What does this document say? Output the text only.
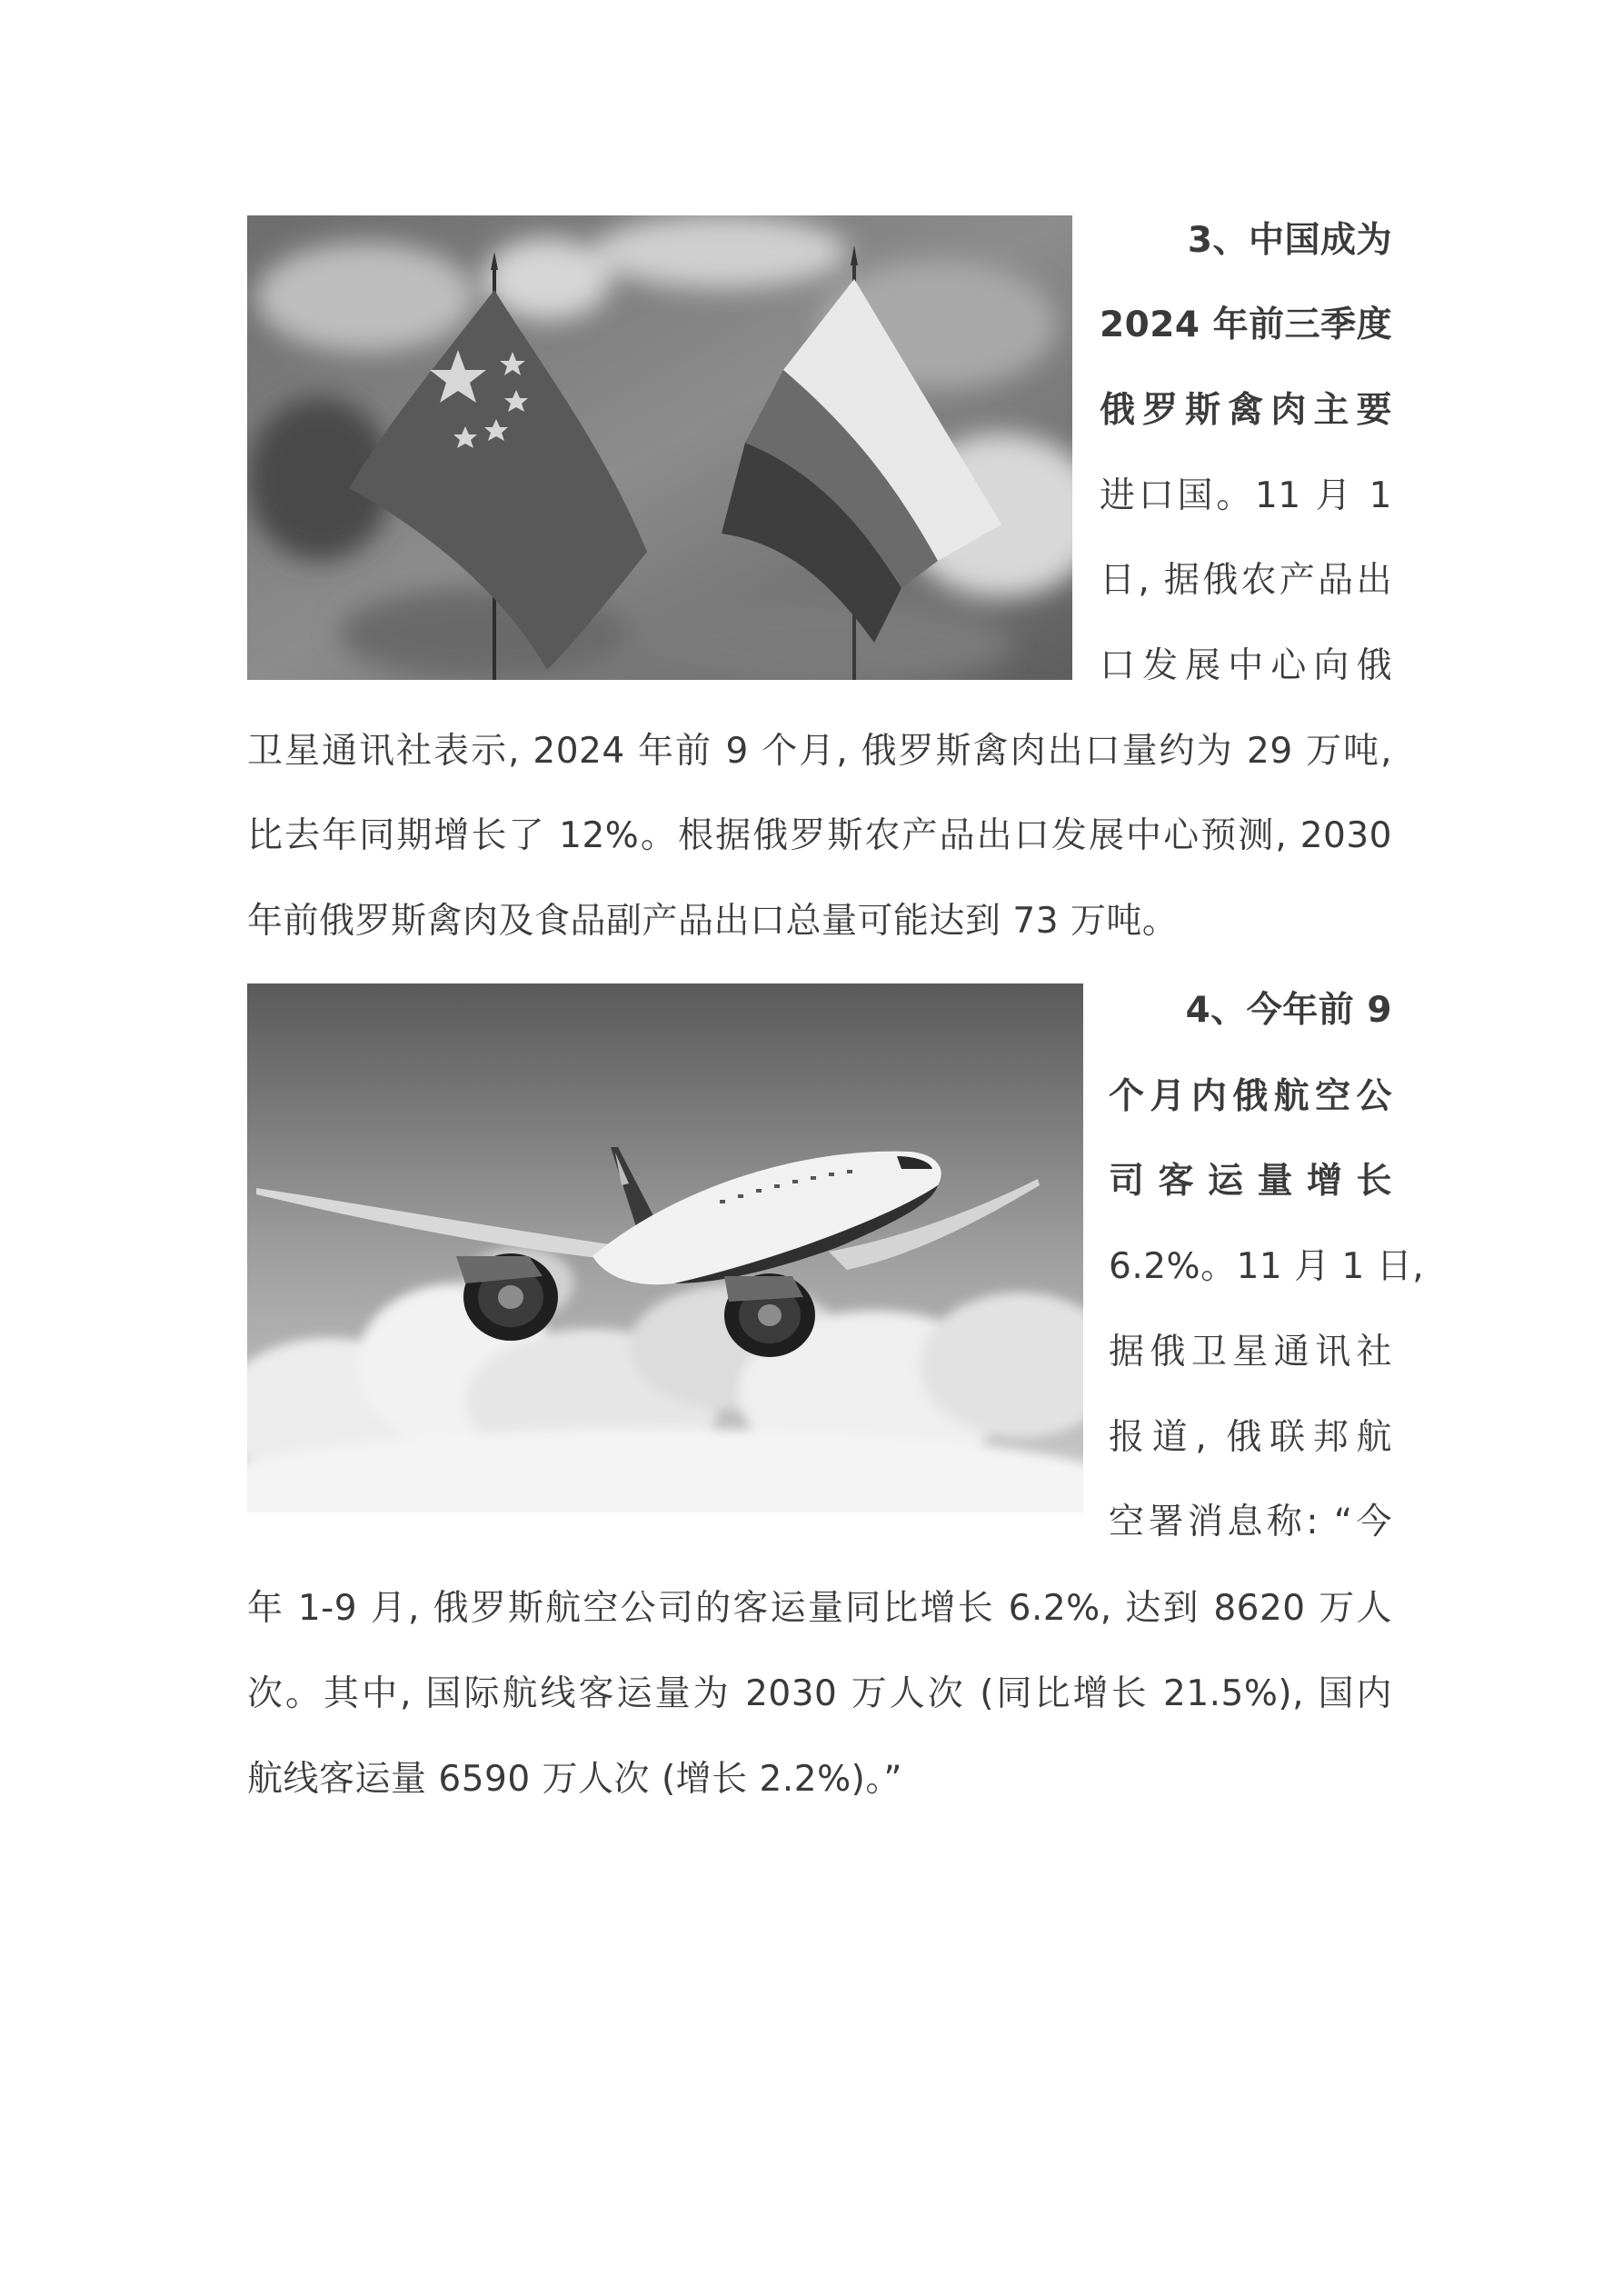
3、中国成为
2024 年前三季度
俄罗斯禽肉主要
进口国。11 月 1
日, 据俄农产品出
口发展中心向俄
卫星通讯社表示, 2024 年前 9 个月, 俄罗斯禽肉出口量约为 29 万吨,
比去年同期增长了 12%。根据俄罗斯农产品出口发展中心预测, 2030
年前俄罗斯禽肉及食品副产品出口总量可能达到 73 万吨。
4、今年前 9
个月内俄航空公
司客运量增长
6.2%。11 月 1 日,
据俄卫星通讯社
报道, 俄联邦航
空署消息称: “今
年 1-9 月, 俄罗斯航空公司的客运量同比增长 6.2%, 达到 8620 万人
次。其中, 国际航线客运量为 2030 万人次 (同比增长 21.5%), 国内
航线客运量 6590 万人次 (增长 2.2%)。”
